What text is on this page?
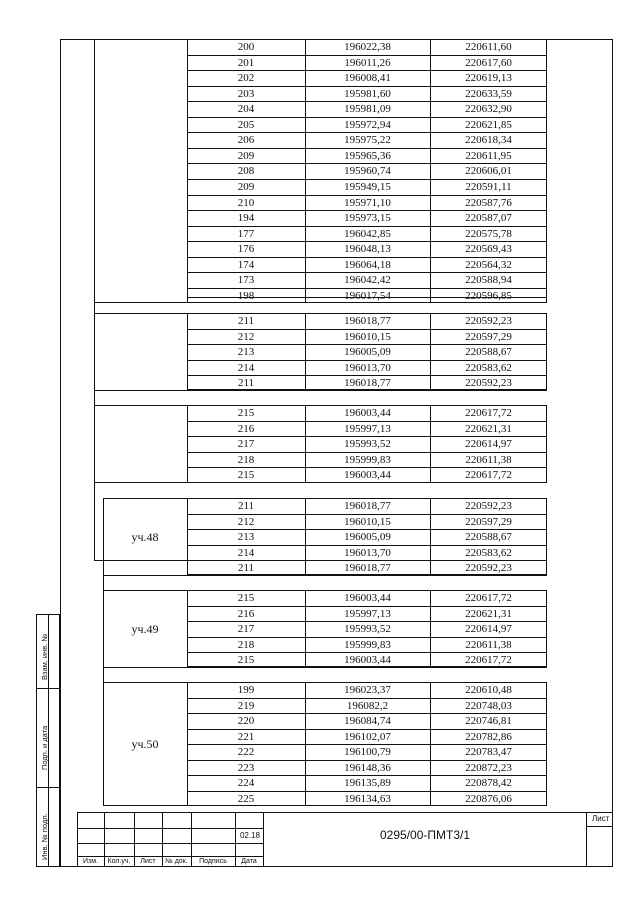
Взам. инв. №
Подп. и дата
Инв. № подл.
200	196022,38	220611,60
201	196011,26	220617,60
202	196008,41	220619,13
203	195981,60	220633,59
204	195981,09	220632,90
205	195972,94	220621,85
206	195975,22	220618,34
209	195965,36	220611,95
208	195960,74	220606,01
209	195949,15	220591,11
210	195971,10	220587,76
194	195973,15	220587,07
177	196042,85	220575,78
176	196048,13	220569,43
174	196064,18	220564,32
173	196042,42	220588,94
198	196017,54	220596,85
211	196018,77	220592,23
212	196010,15	220597,29
213	196005,09	220588,67
214	196013,70	220583,62
211	196018,77	220592,23
215	196003,44	220617,72
216	195997,13	220621,31
217	195993,52	220614,97
218	195999,83	220611,38
215	196003,44	220617,72
211	196018,77	220592,23
212	196010,15	220597,29
213	196005,09	220588,67
214	196013,70	220583,62
211	196018,77	220592,23
уч.48
215	196003,44	220617,72
216	195997,13	220621,31
217	195993,52	220614,97
218	195999,83	220611,38
215	196003,44	220617,72
уч.49
199	196023,37	220610,48
219	196082,2	220748,03
220	196084,74	220746,81
221	196102,07	220782,86
222	196100,79	220783,47
223	196148,36	220872,23
224	196135,89	220878,42
225	196134,63	220876,06
уч.50
02.18	0295/00-ПМТ3/1
Лист
Изм.	Кол.уч.	Лист	№ док.	Подпись	Дата
